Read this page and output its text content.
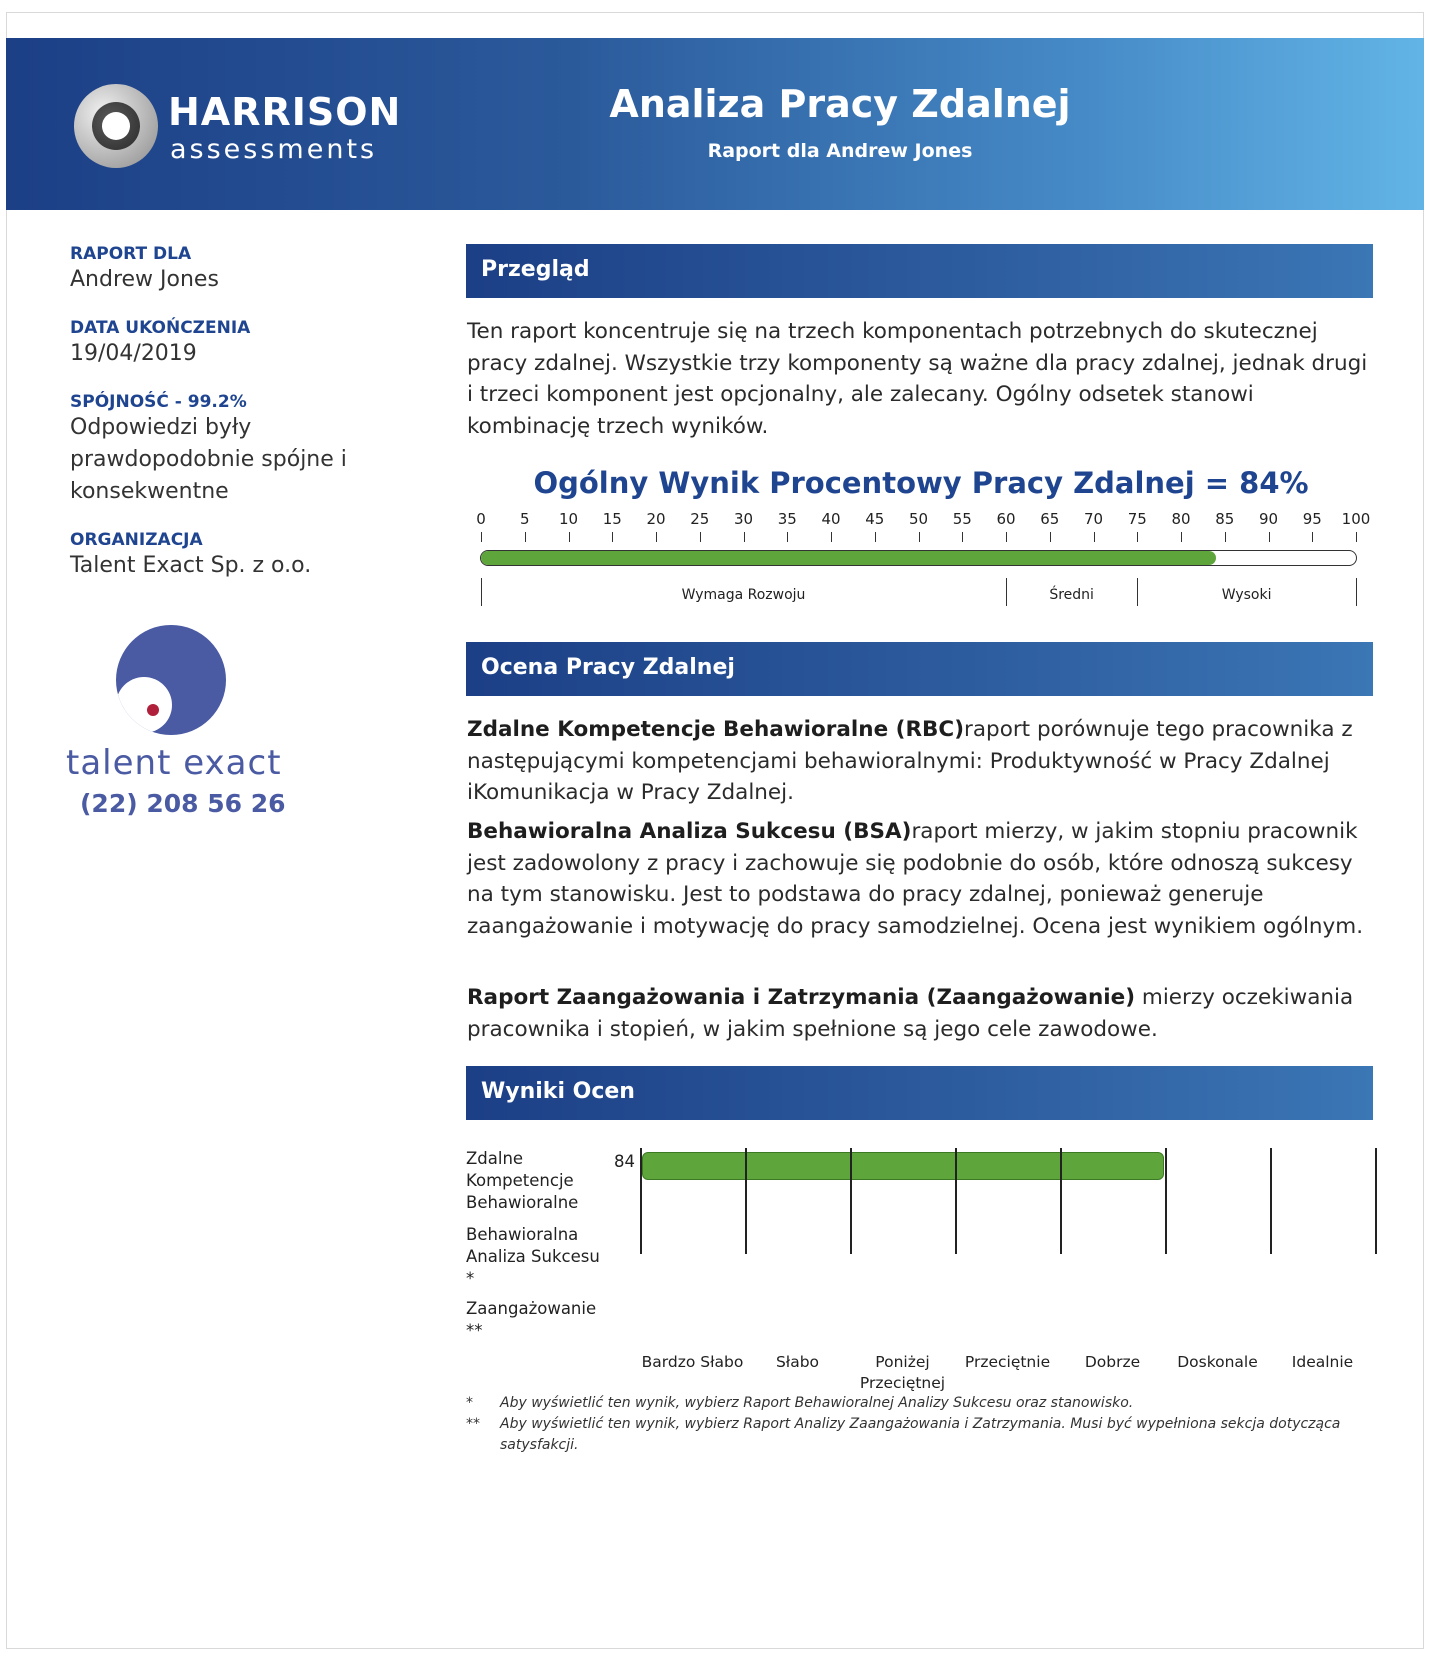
HARRISON
assessments
Analiza Pracy Zdalnej
Raport dla Andrew Jones
RAPORT DLA
Andrew Jones
DATA UKOŃCZENIA
19/04/2019
SPÓJNOŚĆ - 99.2%
Odpowiedzi były prawdopodobnie spójne i konsekwentne
ORGANIZACJA
Talent Exact Sp. z o.o.
talent exact
(22) 208 56 26
Przegląd
Ten raport koncentruje się na trzech komponentach potrzebnych do skutecznej pracy zdalnej. Wszystkie trzy komponenty są ważne dla pracy zdalnej, jednak drugi i trzeci komponent jest opcjonalny, ale zalecany. Ogólny odsetek stanowi kombinację trzech wyników.
Ogólny Wynik Procentowy Pracy Zdalnej = 84%
0 5 10 15 20 25 30 35 40 45 50 55 60 65 70 75 80 85 90 95 100
Wymaga Rozwoju	Średni	Wysoki
Ocena Pracy Zdalnej
Zdalne Kompetencje Behawioralne (RBC)raport porównuje tego pracownika z następującymi kompetencjami behawioralnymi: Produktywność w Pracy Zdalnej iKomunikacja w Pracy Zdalnej.
Behawioralna Analiza Sukcesu (BSA)raport mierzy, w jakim stopniu pracownik jest zadowolony z pracy i zachowuje się podobnie do osób, które odnoszą sukcesy na tym stanowisku. Jest to podstawa do pracy zdalnej, ponieważ generuje zaangażowanie i motywację do pracy samodzielnej. Ocena jest wynikiem ogólnym.
Raport Zaangażowania i Zatrzymania (Zaangażowanie) mierzy oczekiwania pracownika i stopień, w jakim spełnione są jego cele zawodowe.
Wyniki Ocen
Zdalne Kompetencje Behawioralne
84
Behawioralna Analiza Sukcesu *
Zaangażowanie **
Bardzo Słabo	Słabo	Poniżej Przeciętnej
Przeciętnie	Dobrze	Doskonale	Idealnie
* Aby wyświetlić ten wynik, wybierz Raport Behawioralnej Analizy Sukcesu oraz stanowisko.
** Aby wyświetlić ten wynik, wybierz Raport Analizy Zaangażowania i Zatrzymania. Musi być wypełniona sekcja dotycząca satysfakcji.
